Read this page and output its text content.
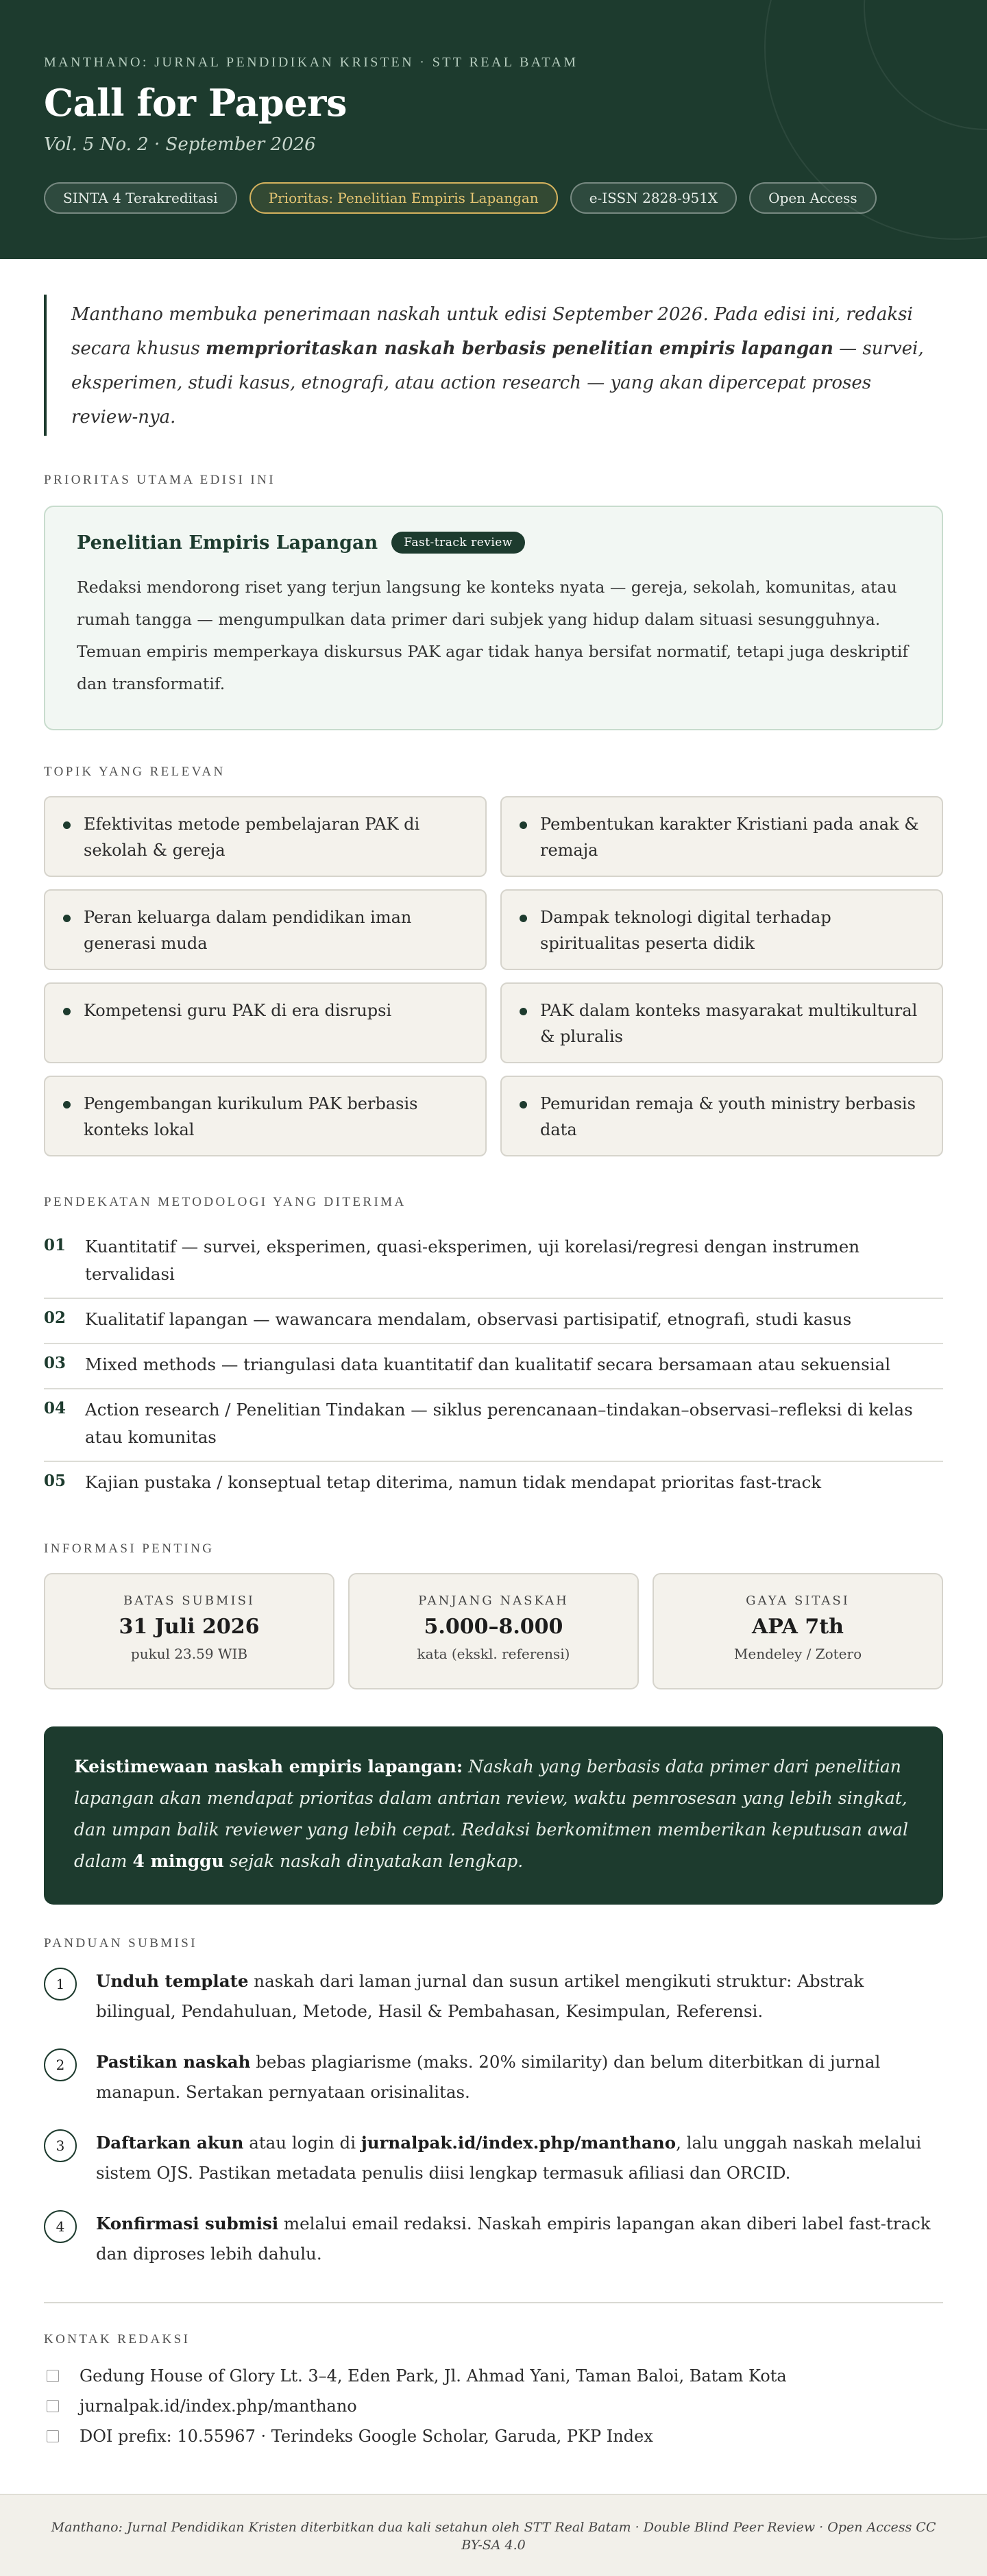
MANTHANO: JURNAL PENDIDIKAN KRISTEN · STT REAL BATAM
Call for Papers
Vol. 5 No. 2 · September 2026
SINTA 4 Terakreditasi	Prioritas: Penelitian Empiris Lapangan	e-ISSN 2828-951X	Open Access
Manthano membuka penerimaan naskah untuk edisi September 2026. Pada edisi ini, redaksi secara khusus memprioritaskan naskah berbasis penelitian empiris lapangan — survei, eksperimen, studi kasus, etnografi, atau action research — yang akan dipercepat proses review-nya.
PRIORITAS UTAMA EDISI INI
Penelitian Empiris Lapangan	Fast-track review

Redaksi mendorong riset yang terjun langsung ke konteks nyata — gereja, sekolah, komunitas, atau rumah tangga — mengumpulkan data primer dari subjek yang hidup dalam situasi sesungguhnya. Temuan empiris memperkaya diskursus PAK agar tidak hanya bersifat normatif, tetapi juga deskriptif dan transformatif.

TOPIK YANG RELEVAN
Efektivitas metode pembelajaran PAK di sekolah & gereja
Pembentukan karakter Kristiani pada anak & remaja
Peran keluarga dalam pendidikan iman generasi muda
Dampak teknologi digital terhadap spiritualitas peserta didik
Kompetensi guru PAK di era disrupsi	PAK dalam konteks masyarakat multikultural & pluralis
Pengembangan kurikulum PAK berbasis konteks lokal
Pemuridan remaja & youth ministry berbasis data
PENDEKATAN METODOLOGI YANG DITERIMA
01	Kuantitatif — survei, eksperimen, quasi-eksperimen, uji korelasi/regresi dengan instrumen tervalidasi
02	Kualitatif lapangan — wawancara mendalam, observasi partisipatif, etnografi, studi kasus
03	Mixed methods — triangulasi data kuantitatif dan kualitatif secara bersamaan atau sekuensial
04	Action research / Penelitian Tindakan — siklus perencanaan–tindakan–observasi–refleksi di kelas atau komunitas
05	Kajian pustaka / konseptual tetap diterima, namun tidak mendapat prioritas fast-track
INFORMASI PENTING
BATAS SUBMISI
31 Juli 2026
pukul 23.59 WIB
PANJANG NASKAH
5.000–8.000
kata (ekskl. referensi)
GAYA SITASI
APA 7th
Mendeley / Zotero
Keistimewaan naskah empiris lapangan: Naskah yang berbasis data primer dari penelitian lapangan akan mendapat prioritas dalam antrian review, waktu pemrosesan yang lebih singkat, dan umpan balik reviewer yang lebih cepat. Redaksi berkomitmen memberikan keputusan awal dalam 4 minggu sejak naskah dinyatakan lengkap.
PANDUAN SUBMISI
1	Unduh template naskah dari laman jurnal dan susun artikel mengikuti struktur: Abstrak bilingual, Pendahuluan, Metode, Hasil & Pembahasan, Kesimpulan, Referensi.
2	Pastikan naskah bebas plagiarisme (maks. 20% similarity) dan belum diterbitkan di jurnal manapun. Sertakan pernyataan orisinalitas.
3	Daftarkan akun atau login di jurnalpak.id/index.php/manthano, lalu unggah naskah melalui sistem OJS. Pastikan metadata penulis diisi lengkap termasuk afiliasi dan ORCID.
4	Konfirmasi submisi melalui email redaksi. Naskah empiris lapangan akan diberi label fast-track dan diproses lebih dahulu.
KONTAK REDAKSI
Gedung House of Glory Lt. 3–4, Eden Park, Jl. Ahmad Yani, Taman Baloi, Batam Kota
jurnalpak.id/index.php/manthano
DOI prefix: 10.55967 · Terindeks Google Scholar, Garuda, PKP Index
Manthano: Jurnal Pendidikan Kristen diterbitkan dua kali setahun oleh STT Real Batam · Double Blind Peer Review · Open Access CC BY-SA 4.0
